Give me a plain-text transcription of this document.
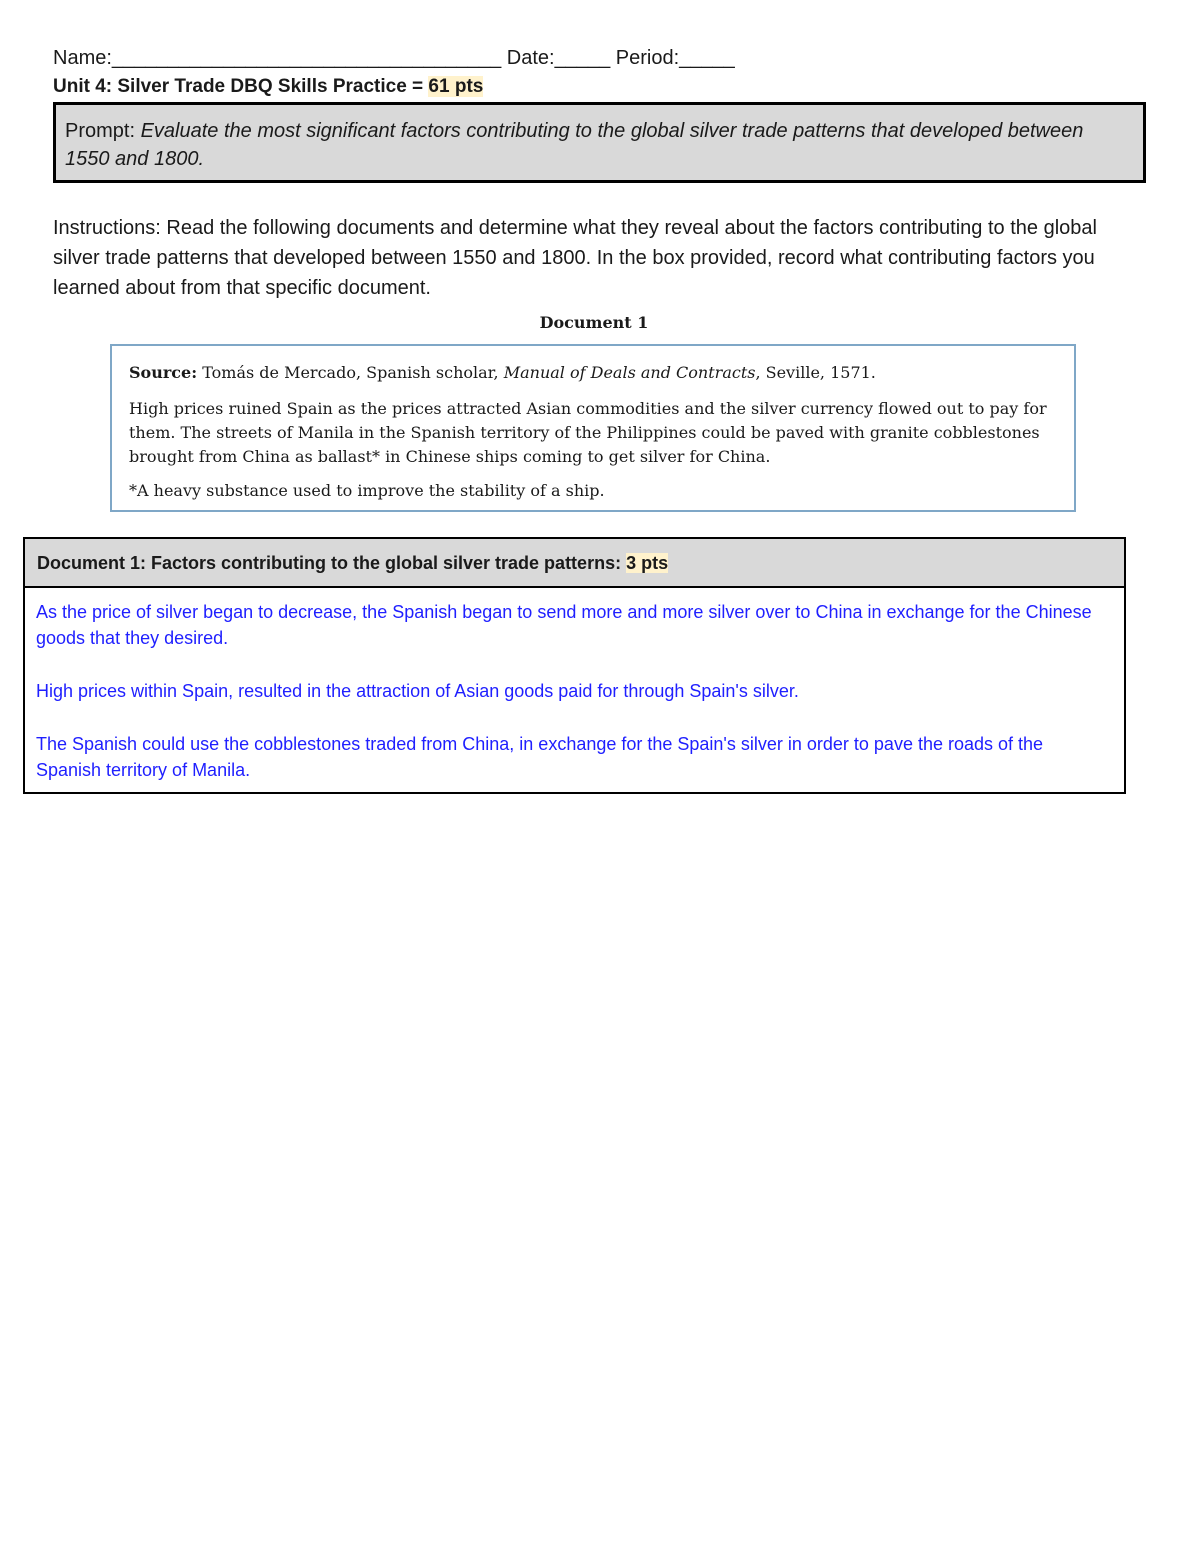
Name:___________________________________ Date:_____ Period:_____
Unit 4: Silver Trade DBQ Skills Practice = 61 pts
Prompt: Evaluate the most significant factors contributing to the global silver trade patterns that developed between 1550 and 1800.
Instructions: Read the following documents and determine what they reveal about the factors contributing to the global silver trade patterns that developed between 1550 and 1800. In the box provided, record what contributing factors you learned about from that specific document.
Document 1
Source: Tomás de Mercado, Spanish scholar, Manual of Deals and Contracts, Seville, 1571.
High prices ruined Spain as the prices attracted Asian commodities and the silver currency flowed out to pay for them. The streets of Manila in the Spanish territory of the Philippines could be paved with granite cobblestones brought from China as ballast* in Chinese ships coming to get silver for China.
*A heavy substance used to improve the stability of a ship.
Document 1: Factors contributing to the global silver trade patterns: 3 pts

As the price of silver began to decrease, the Spanish began to send more and more silver over to China in exchange for the Chinese goods that they desired.

High prices within Spain, resulted in the attraction of Asian goods paid for through Spain's silver.

The Spanish could use the cobblestones traded from China, in exchange for the Spain's silver in order to pave the roads of the Spanish territory of Manila.
